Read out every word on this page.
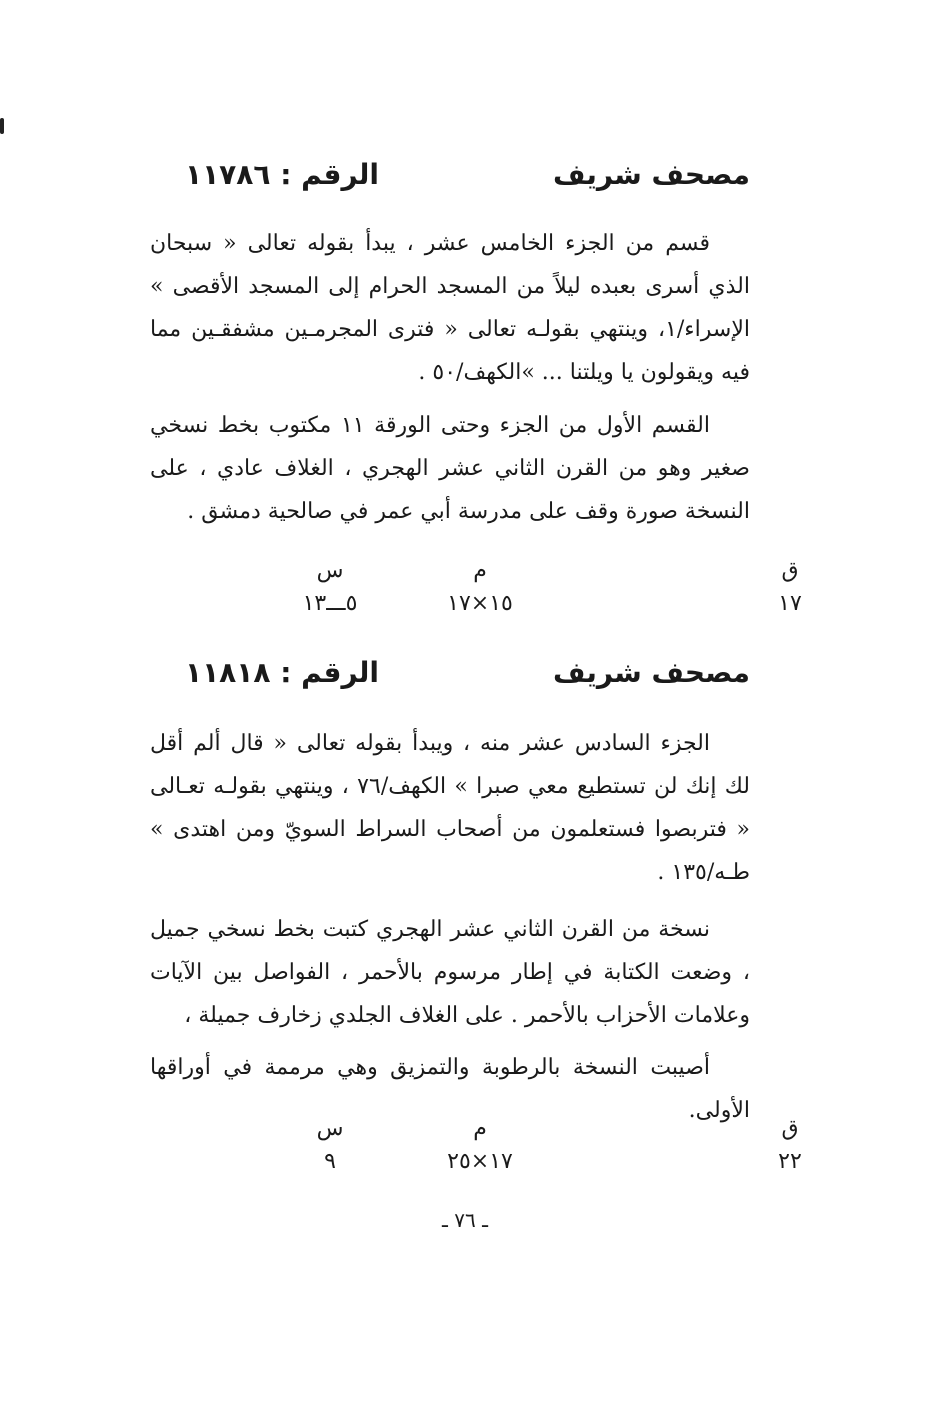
مصحف شريف
الرقم : ١١٧٨٦

قسم من الجزء الخامس عشر ، يبدأ بقوله تعالى « سبحان الذي أسرى بعبده ليلاً من المسجد الحرام إلى المسجد الأقصى » الإسراء/١، وينتهي بقولـه تعالى « فترى المجرمـين مشفقـين مما فيه ويقولون يا ويلتنا ... »الكهف/٥٠ .

القسم الأول من الجزء وحتى الورقة ١١ مكتوب بخط نسخي صغير وهو من القرن الثاني عشر الهجري ، الغلاف عادي ، على النسخة صورة وقف على مدرسة أبي عمر في صالحية دمشق .

ق
١٧
م
١٥×١٧
س
٥ـــ١٣
مصحف شريف
الرقم : ١١٨١٨

الجزء السادس عشر منه ، ويبدأ بقوله تعالى « قال ألم أقل لك إنك لن تستطيع معي صبرا » الكهف/٧٦ ، وينتهي بقولـه تعـالى « فتربصوا فستعلمون من أصحاب السراط السويّ ومن اهتدى » طـه/١٣٥ .

نسخة من القرن الثاني عشر الهجري كتبت بخط نسخي جميل ، وضعت الكتابة في إطار مرسوم بالأحمر ، الفواصل بين الآيات وعلامات الأحزاب بالأحمر . على الغلاف الجلدي زخارف جميلة ،

أصيبت النسخة بالرطوبة والتمزيق وهي مرممة في أوراقها الأولى.

ق
٢٢
م
١٧×٢٥
س
٩
ـ ٧٦ ـ
